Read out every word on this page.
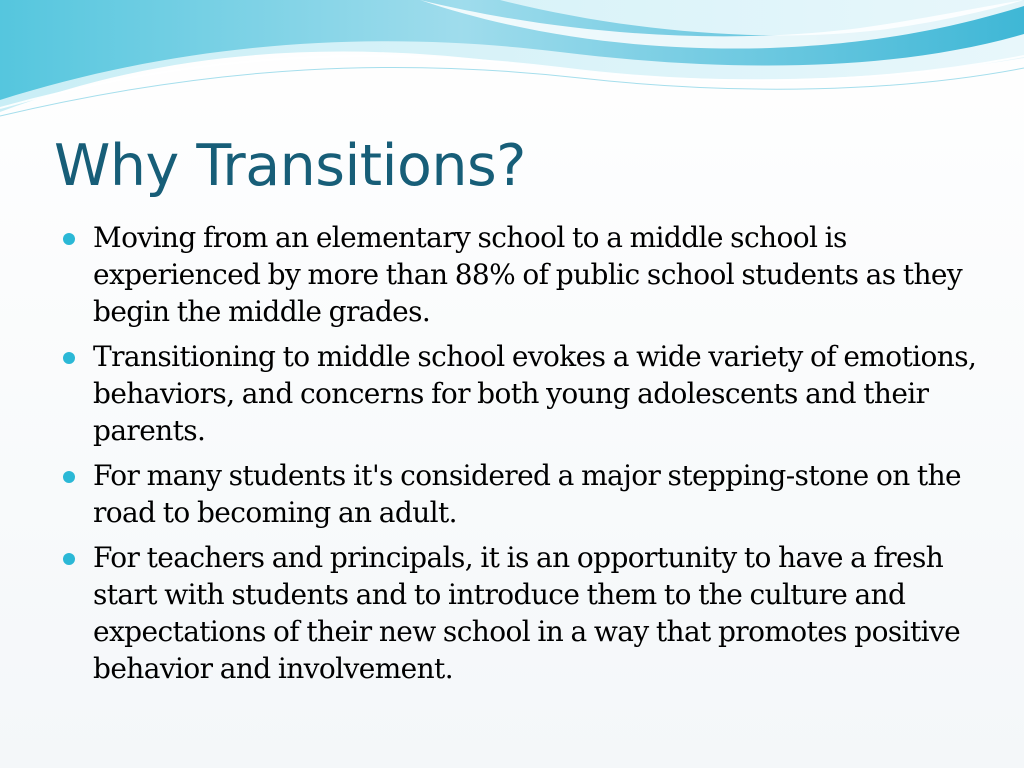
Why Transitions?
Moving from an elementary school to a middle school is experienced by more than 88% of public school students as they begin the middle grades.
Transitioning to middle school evokes a wide variety of emotions, behaviors, and concerns for both young adolescents and their parents.
For many students it's considered a major stepping-stone on the road to becoming an adult.
For teachers and principals, it is an opportunity to have a fresh start with students and to introduce them to the culture and expectations of their new school in a way that promotes positive behavior and involvement.
